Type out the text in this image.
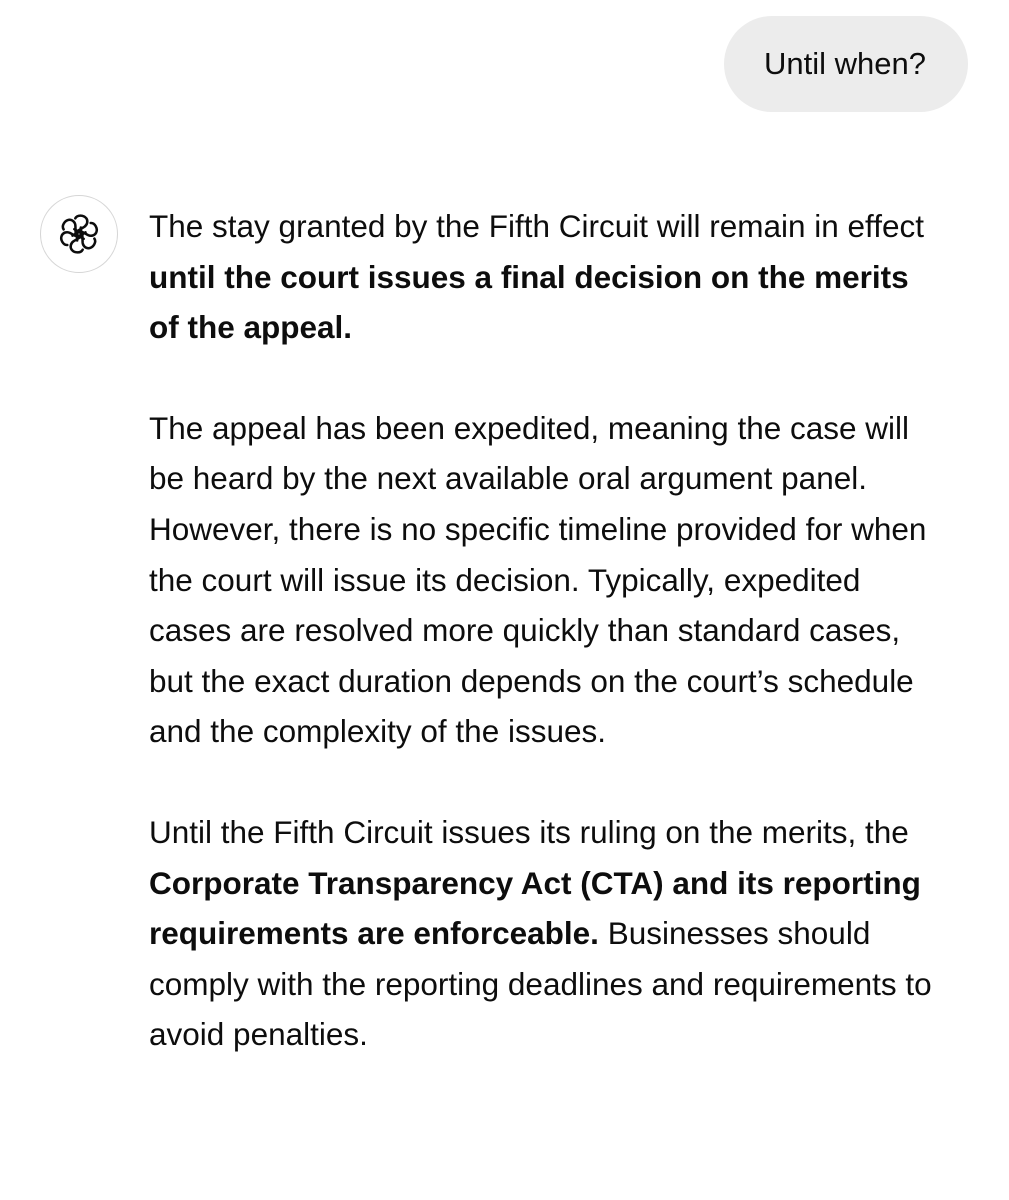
Until when?

The stay granted by the Fifth Circuit will remain in effect until the court issues a final decision on the merits of the appeal.

The appeal has been expedited, meaning the case will be heard by the next available oral argument panel. However, there is no specific timeline provided for when the court will issue its decision. Typically, expedited cases are resolved more quickly than standard cases, but the exact duration depends on the court’s schedule and the complexity of the issues.

Until the Fifth Circuit issues its ruling on the merits, the Corporate Transparency Act (CTA) and its reporting requirements are enforceable. Businesses should comply with the reporting deadlines and requirements to avoid penalties.
